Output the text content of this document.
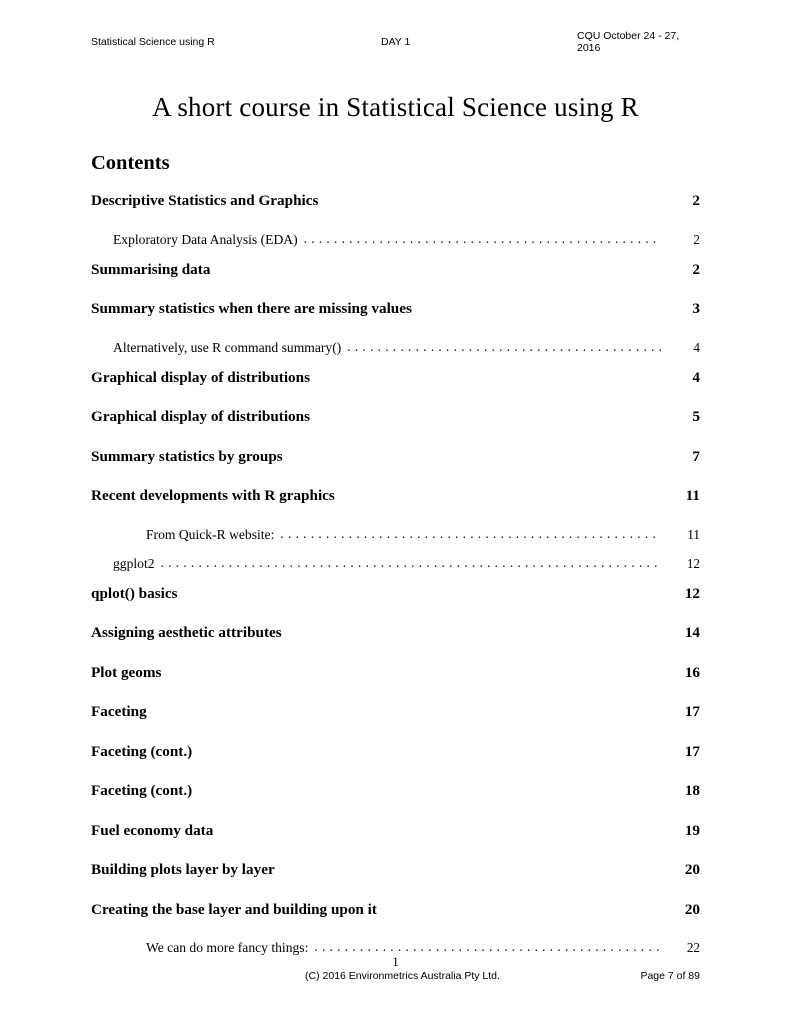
Statistical Science using R	DAY 1	CQU October 24 - 27, 2016
A short course in Statistical Science using R
Contents
Descriptive Statistics and Graphics	2
Exploratory Data Analysis (EDA) . . .	2
Summarising data	2
Summary statistics when there are missing values	3
Alternatively, use R command summary() . . .	4
Graphical display of distributions	4
Graphical display of distributions	5
Summary statistics by groups	7
Recent developments with R graphics	11
From Quick-R website: . . .	11
ggplot2 . . .	12
qplot() basics	12
Assigning aesthetic attributes	14
Plot geoms	16
Faceting	17
Faceting (cont.)	17
Faceting (cont.)	18
Fuel economy data	19
Building plots layer by layer	20
Creating the base layer and building upon it	20
We can do more fancy things: . . .	22
1
(C) 2016 Environmetrics Australia Pty Ltd.	Page 7 of 89
